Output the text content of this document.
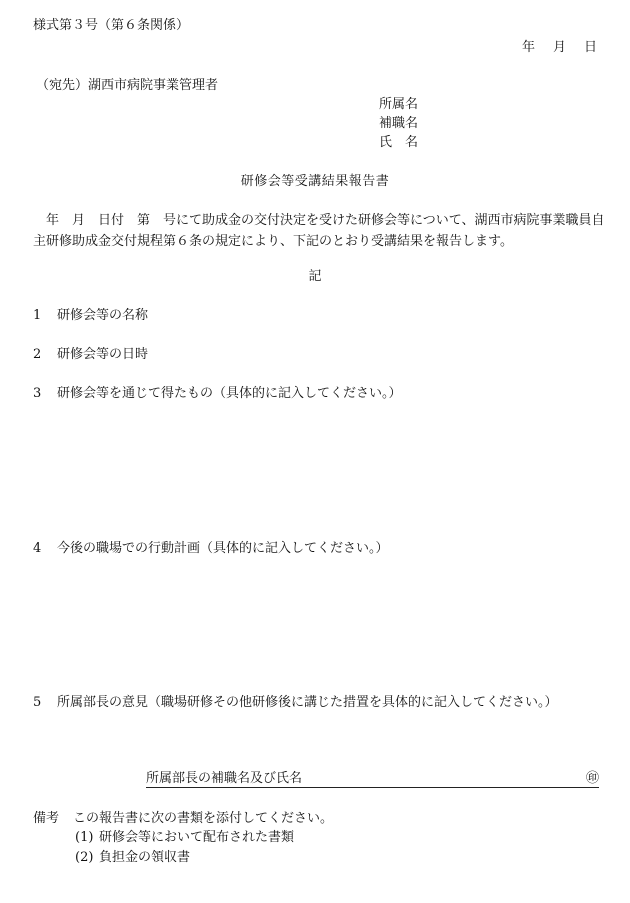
様式第３号（第６条関係）
年 月 日
（宛先）湖西市病院事業管理者
所属名
補職名
氏　名
研修会等受講結果報告書
　年　月　日付　第　号にて助成金の交付決定を受けた研修会等について、湖西市病院事業職員自主研修助成金交付規程第６条の規定により、下記のとおり受講結果を報告します。
記
1 研修会等の名称
2 研修会等の日時
3 研修会等を通じて得たもの（具体的に記入してください。）
4 今後の職場での行動計画（具体的に記入してください。）
5 所属部長の意見（職場研修その他研修後に講じた措置を具体的に記入してください。）
所属部長の補職名及び氏名	㊞
備考 この報告書に次の書類を添付してください。
(1) 研修会等において配布された書類
(2) 負担金の領収書
